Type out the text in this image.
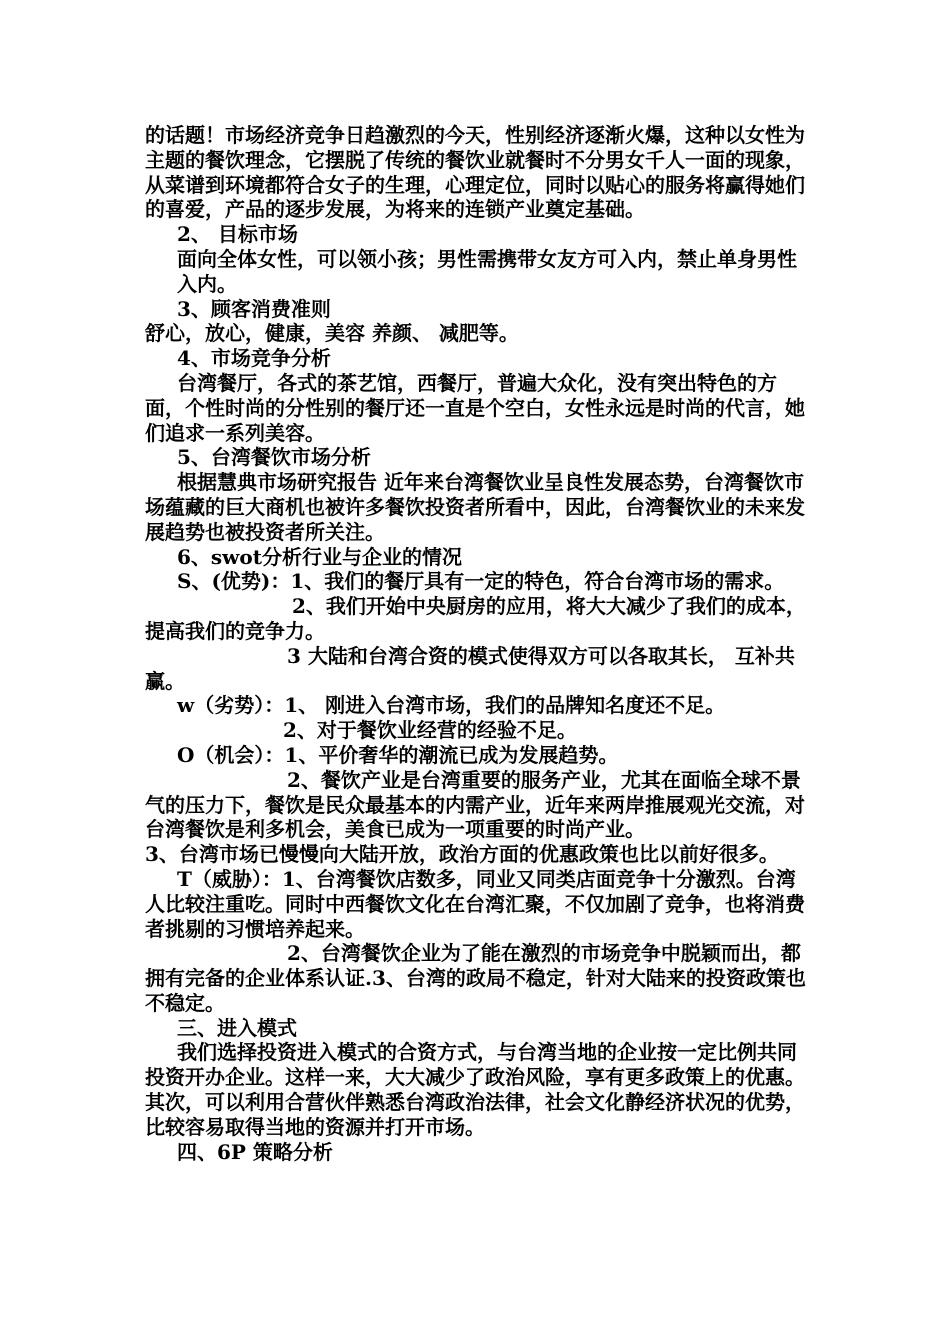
的话题！市场经济竞争日趋激烈的今天，性别经济逐渐火爆，这种以女性为主题的餐饮理念，它摆脱了传统的餐饮业就餐时不分男女千人一面的现象，从菜谱到环境都符合女子的生理，心理定位，同时以贴心的服务将赢得她们的喜爱，产品的逐步发展，为将来的连锁产业奠定基础。

2、 目标市场

面向全体女性，可以领小孩；男性需携带女友方可入内，禁止单身男性入内。

3、顾客消费准则

舒心，放心，健康，美容 养颜、 减肥等。

4、市场竞争分析

台湾餐厅，各式的茶艺馆，西餐厅，普遍大众化，没有突出特色的方面，个性时尚的分性别的餐厅还一直是个空白，女性永远是时尚的代言，她们追求一系列美容。

5、台湾餐饮市场分析

根据慧典市场研究报告 近年来台湾餐饮业呈良性发展态势，台湾餐饮市场蕴藏的巨大商机也被许多餐饮投资者所看中，因此，台湾餐饮业的未来发展趋势也被投资者所关注。

6、swot分析行业与企业的情况

S、(优势)：1、我们的餐厅具有一定的特色，符合台湾市场的需求。

2、我们开始中央厨房的应用，将大大减少了我们的成本，提高我们的竞争力。

3 大陆和台湾合资的模式使得双方可以各取其长， 互补共赢。

w（劣势）：1、 刚进入台湾市场，我们的品牌知名度还不足。

2、对于餐饮业经营的经验不足。

O（机会）：1、平价奢华的潮流已成为发展趋势。

2、餐饮产业是台湾重要的服务产业，尤其在面临全球不景气的压力下，餐饮是民众最基本的内需产业，近年来两岸推展观光交流，对台湾餐饮是利多机会，美食已成为一项重要的时尚产业。

3、台湾市场已慢慢向大陆开放，政治方面的优惠政策也比以前好很多。

T（威胁）：1、台湾餐饮店数多，同业又同类店面竞争十分激烈。台湾人比较注重吃。同时中西餐饮文化在台湾汇聚，不仅加剧了竞争，也将消费者挑剔的习惯培养起来。

2、台湾餐饮企业为了能在激烈的市场竞争中脱颖而出，都拥有完备的企业体系认证.3、台湾的政局不稳定，针对大陆来的投资政策也不稳定。

三、进入模式

我们选择投资进入模式的合资方式，与台湾当地的企业按一定比例共同投资开办企业。这样一来，大大减少了政治风险，享有更多政策上的优惠。其次，可以利用合营伙伴熟悉台湾政治法律，社会文化静经济状况的优势，比较容易取得当地的资源并打开市场。

四、6P 策略分析
